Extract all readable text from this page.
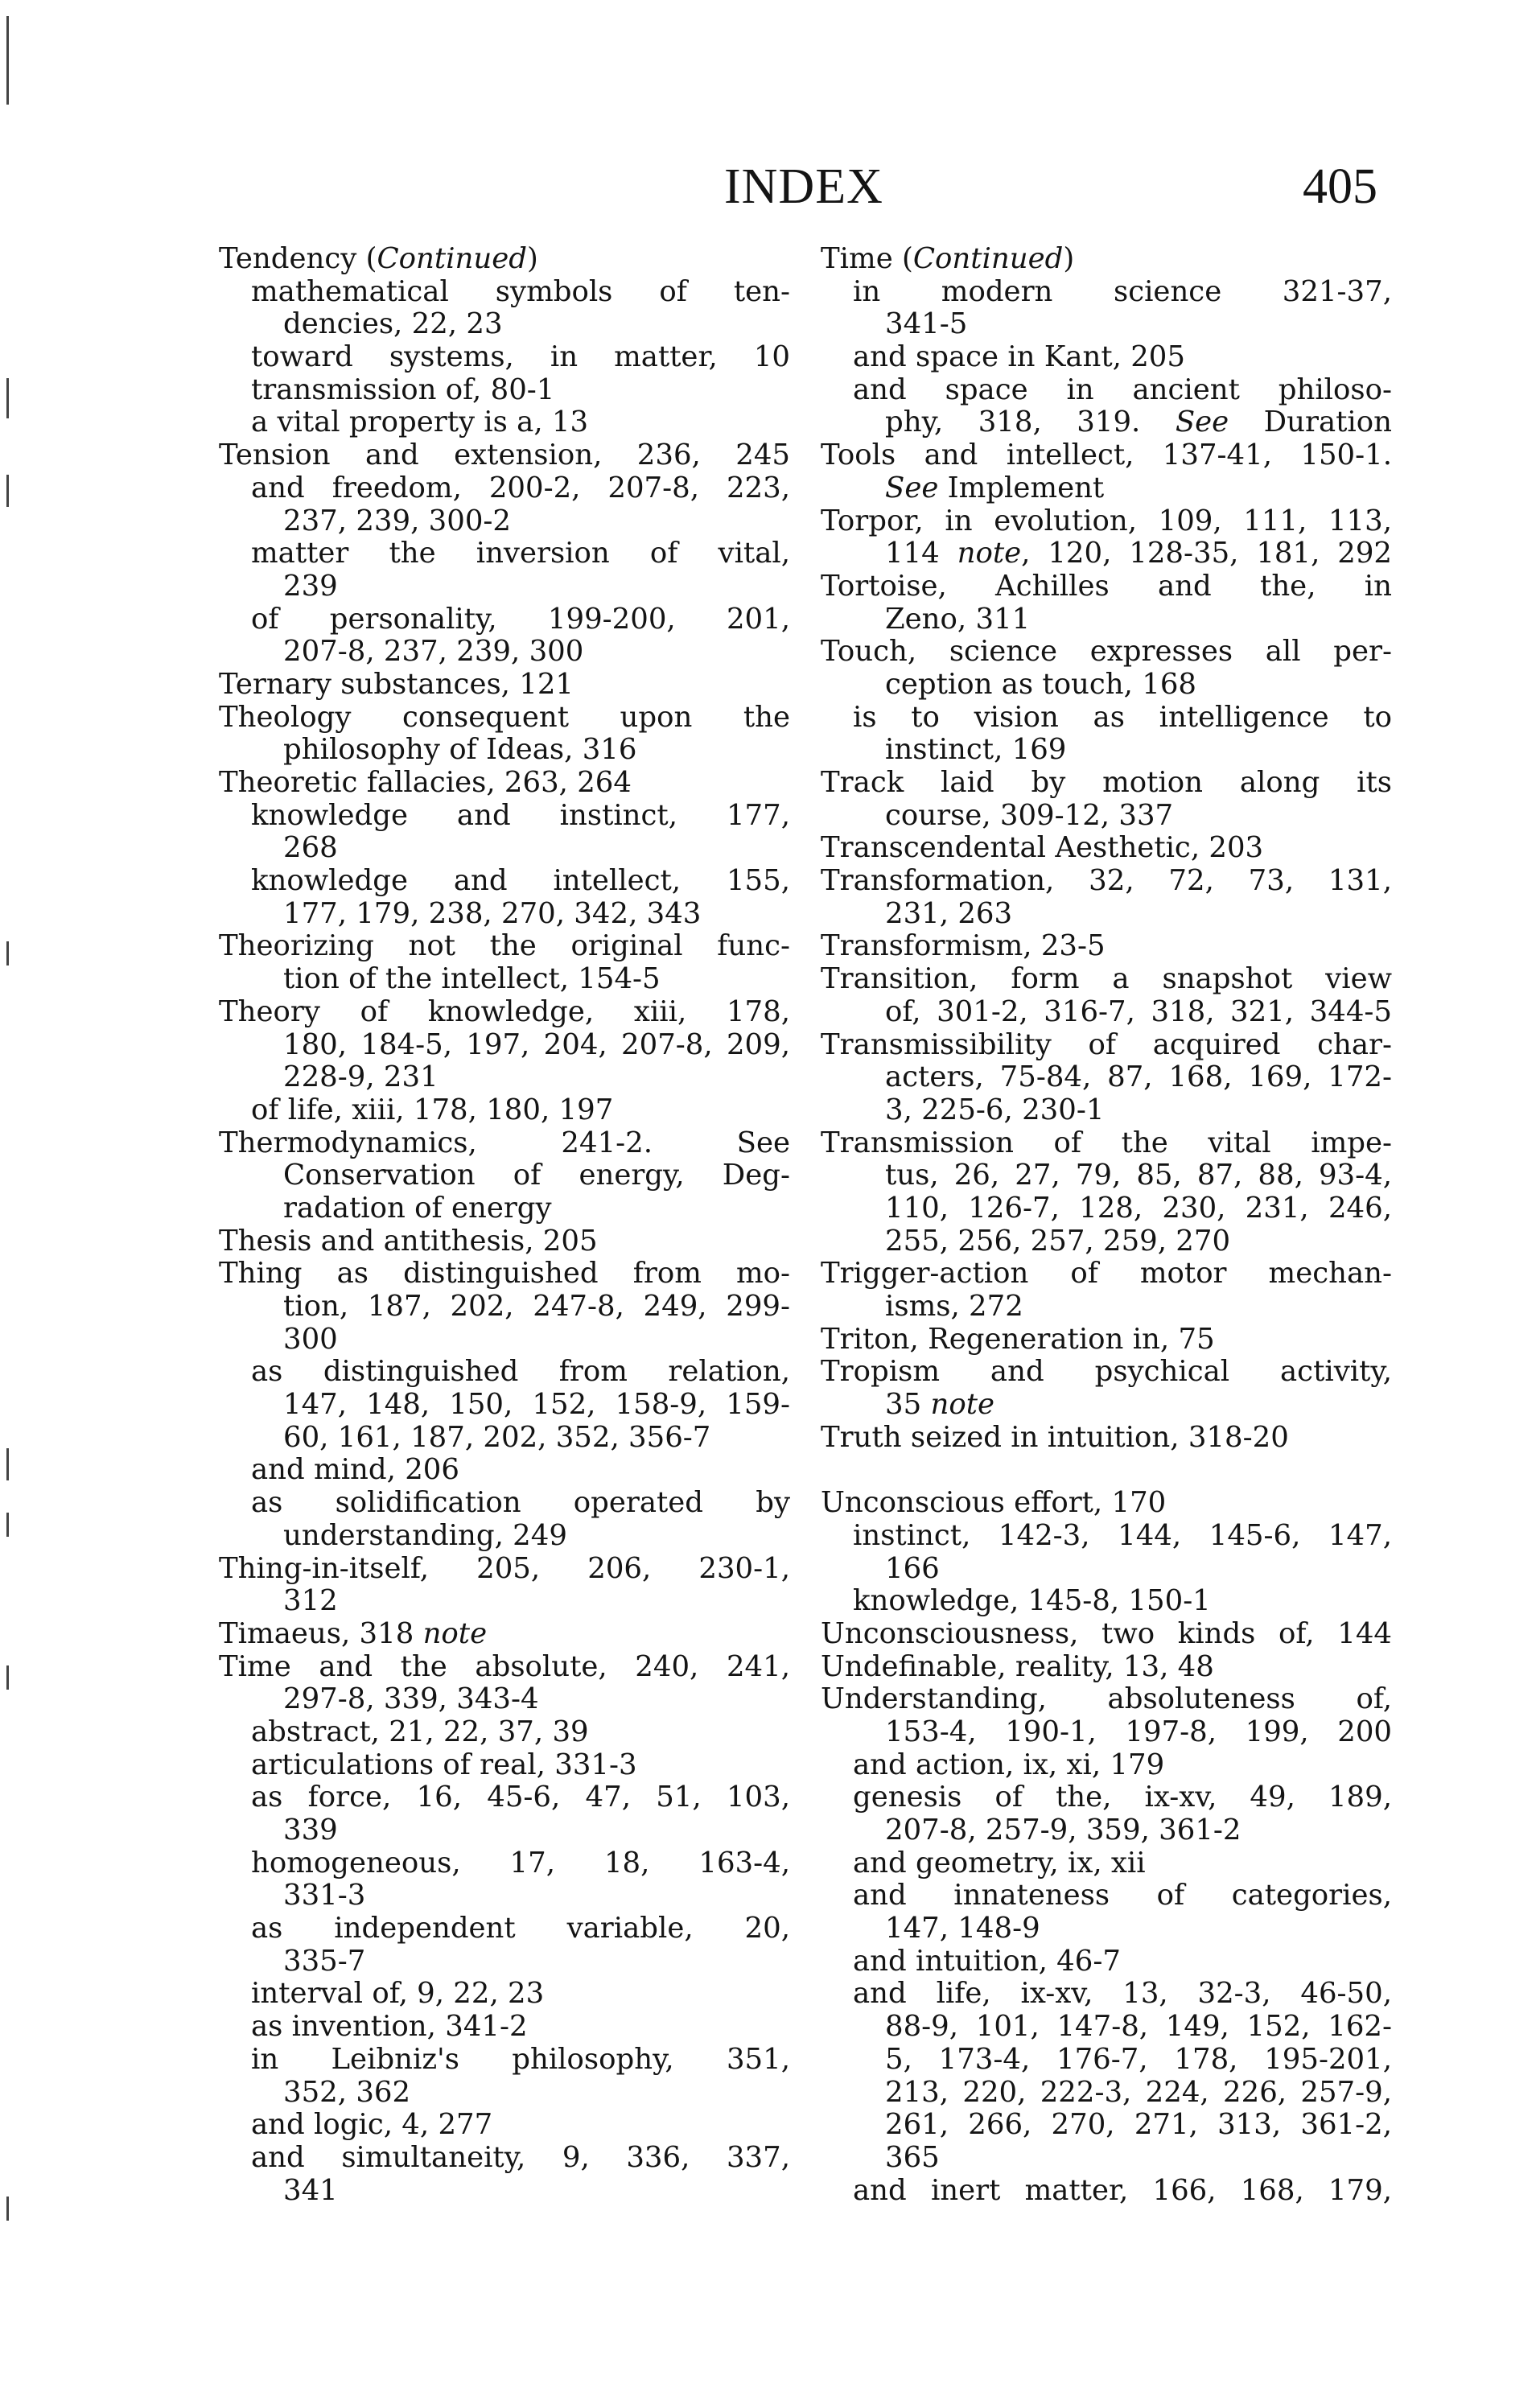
INDEX	405
Tendency (Continued)
mathematical symbols of ten-
dencies, 22, 23
toward systems, in matter, 10
transmission of, 80-1
a vital property is a, 13
Tension and extension, 236, 245
and freedom, 200-2, 207-8, 223,
237, 239, 300-2
matter the inversion of vital,
239
of personality, 199-200, 201,
207-8, 237, 239, 300
Ternary substances, 121
Theology consequent upon the
philosophy of Ideas, 316
Theoretic fallacies, 263, 264
knowledge and instinct, 177,
268
knowledge and intellect, 155,
177, 179, 238, 270, 342, 343
Theorizing not the original func-
tion of the intellect, 154-5
Theory of knowledge, xiii, 178,
180, 184-5, 197, 204, 207-8, 209,
228-9, 231
of life, xiii, 178, 180, 197
Thermodynamics, 241-2. See
Conservation of energy, Deg-
radation of energy
Thesis and antithesis, 205
Thing as distinguished from mo-
tion, 187, 202, 247-8, 249, 299-
300
as distinguished from relation,
147, 148, 150, 152, 158-9, 159-
60, 161, 187, 202, 352, 356-7
and mind, 206
as solidification operated by
understanding, 249
Thing-in-itself, 205, 206, 230-1,
312
Timaeus, 318 note
Time and the absolute, 240, 241,
297-8, 339, 343-4
abstract, 21, 22, 37, 39
articulations of real, 331-3
as force, 16, 45-6, 47, 51, 103,
339
homogeneous, 17, 18, 163-4,
331-3
as independent variable, 20,
335-7
interval of, 9, 22, 23
as invention, 341-2
in Leibniz's philosophy, 351,
352, 362
and logic, 4, 277
and simultaneity, 9, 336, 337,
341
Time (Continued)
in modern science 321-37,
341-5
and space in Kant, 205
and space in ancient philoso-
phy, 318, 319. See Duration
Tools and intellect, 137-41, 150-1.
See Implement
Torpor, in evolution, 109, 111, 113,
114 note, 120, 128-35, 181, 292
Tortoise, Achilles and the, in
Zeno, 311
Touch, science expresses all per-
ception as touch, 168
is to vision as intelligence to
instinct, 169
Track laid by motion along its
course, 309-12, 337
Transcendental Aesthetic, 203
Transformation, 32, 72, 73, 131,
231, 263
Transformism, 23-5
Transition, form a snapshot view
of, 301-2, 316-7, 318, 321, 344-5
Transmissibility of acquired char-
acters, 75-84, 87, 168, 169, 172-
3, 225-6, 230-1
Transmission of the vital impe-
tus, 26, 27, 79, 85, 87, 88, 93-4,
110, 126-7, 128, 230, 231, 246,
255, 256, 257, 259, 270
Trigger-action of motor mechan-
isms, 272
Triton, Regeneration in, 75
Tropism and psychical activity,
35 note
Truth seized in intuition, 318-20
Unconscious effort, 170
instinct, 142-3, 144, 145-6, 147,
166
knowledge, 145-8, 150-1
Unconsciousness, two kinds of, 144
Undefinable, reality, 13, 48
Understanding, absoluteness of,
153-4, 190-1, 197-8, 199, 200
and action, ix, xi, 179
genesis of the, ix-xv, 49, 189,
207-8, 257-9, 359, 361-2
and geometry, ix, xii
and innateness of categories,
147, 148-9
and intuition, 46-7
and life, ix-xv, 13, 32-3, 46-50,
88-9, 101, 147-8, 149, 152, 162-
5, 173-4, 176-7, 178, 195-201,
213, 220, 222-3, 224, 226, 257-9,
261, 266, 270, 271, 313, 361-2,
365
and inert matter, 166, 168, 179,
